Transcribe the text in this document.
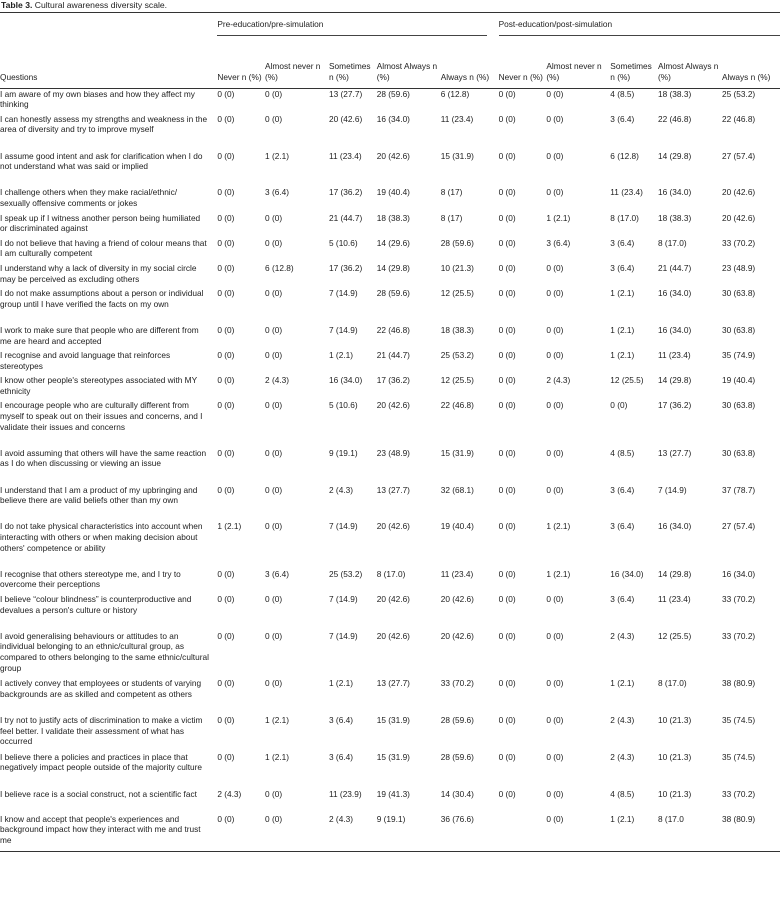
Table 3. Cultural awareness diversity scale.

	Pre-education/pre-simulation					Post-education/post-simulation				

Questions	Never n (%)	Almost never n (%)	Sometimes n (%)	Almost Always n (%)	Always n (%)	Never n (%)	Almost never n (%)	Sometimes n (%)	Almost Always n (%)	Always n (%)
I am aware of my own biases and how they affect my thinking	0 (0)	0 (0)	13 (27.7)	28 (59.6)	6 (12.8)	0 (0)	0 (0)	4 (8.5)	18 (38.3)	25 (53.2)
I can honestly assess my strengths and weakness in the area of diversity and try to improve myself	0 (0)	0 (0)	20 (42.6)	16 (34.0)	11 (23.4)	0 (0)	0 (0)	3 (6.4)	22 (46.8)	22 (46.8)
I assume good intent and ask for clarification when I do not understand what was said or implied	0 (0)	1 (2.1)	11 (23.4)	20 (42.6)	15 (31.9)	0 (0)	0 (0)	6 (12.8)	14 (29.8)	27 (57.4)
I challenge others when they make racial/ethnic/ sexually offensive comments or jokes	0 (0)	3 (6.4)	17 (36.2)	19 (40.4)	8 (17)	0 (0)	0 (0)	11 (23.4)	16 (34.0)	20 (42.6)
I speak up if I witness another person being humiliated or discriminated against	0 (0)	0 (0)	21 (44.7)	18 (38.3)	8 (17)	0 (0)	1 (2.1)	8 (17.0)	18 (38.3)	20 (42.6)
I do not believe that having a friend of colour means that I am culturally competent	0 (0)	0 (0)	5 (10.6)	14 (29.6)	28 (59.6)	0 (0)	3 (6.4)	3 (6.4)	8 (17.0)	33 (70.2)
I understand why a lack of diversity in my social circle may be perceived as excluding others	0 (0)	6 (12.8)	17 (36.2)	14 (29.8)	10 (21.3)	0 (0)	0 (0)	3 (6.4)	21 (44.7)	23 (48.9)
I do not make assumptions about a person or individual group until I have verified the facts on my own	0 (0)	0 (0)	7 (14.9)	28 (59.6)	12 (25.5)	0 (0)	0 (0)	1 (2.1)	16 (34.0)	30 (63.8)
I work to make sure that people who are different from me are heard and accepted	0 (0)	0 (0)	7 (14.9)	22 (46.8)	18 (38.3)	0 (0)	0 (0)	1 (2.1)	16 (34.0)	30 (63.8)
I recognise and avoid language that reinforces stereotypes	0 (0)	0 (0)	1 (2.1)	21 (44.7)	25 (53.2)	0 (0)	0 (0)	1 (2.1)	11 (23.4)	35 (74.9)
I know other people's stereotypes associated with MY ethnicity	0 (0)	2 (4.3)	16 (34.0)	17 (36.2)	12 (25.5)	0 (0)	2 (4.3)	12 (25.5)	14 (29.8)	19 (40.4)
I encourage people who are culturally different from myself to speak out on their issues and concerns, and I validate their issues and concerns	0 (0)	0 (0)	5 (10.6)	20 (42.6)	22 (46.8)	0 (0)	0 (0)	0 (0)	17 (36.2)	30 (63.8)
I avoid assuming that others will have the same reaction as I do when discussing or viewing an issue	0 (0)	0 (0)	9 (19.1)	23 (48.9)	15 (31.9)	0 (0)	0 (0)	4 (8.5)	13 (27.7)	30 (63.8)
I understand that I am a product of my upbringing and believe there are valid beliefs other than my own	0 (0)	0 (0)	2 (4.3)	13 (27.7)	32 (68.1)	0 (0)	0 (0)	3 (6.4)	7 (14.9)	37 (78.7)
I do not take physical characteristics into account when interacting with others or when making decision about others' competence or ability	1 (2.1)	0 (0)	7 (14.9)	20 (42.6)	19 (40.4)	0 (0)	1 (2.1)	3 (6.4)	16 (34.0)	27 (57.4)
I recognise that others stereotype me, and I try to overcome their perceptions	0 (0)	3 (6.4)	25 (53.2)	8 (17.0)	11 (23.4)	0 (0)	1 (2.1)	16 (34.0)	14 (29.8)	16 (34.0)
I believe “colour blindness” is counterproductive and devalues a person's culture or history	0 (0)	0 (0)	7 (14.9)	20 (42.6)	20 (42.6)	0 (0)	0 (0)	3 (6.4)	11 (23.4)	33 (70.2)
I avoid generalising behaviours or attitudes to an individual belonging to an ethnic/cultural group, as compared to others belonging to the same ethnic/cultural group	0 (0)	0 (0)	7 (14.9)	20 (42.6)	20 (42.6)	0 (0)	0 (0)	2 (4.3)	12 (25.5)	33 (70.2)
I actively convey that employees or students of varying backgrounds are as skilled and competent as others	0 (0)	0 (0)	1 (2.1)	13 (27.7)	33 (70.2)	0 (0)	0 (0)	1 (2.1)	8 (17.0)	38 (80.9)
I try not to justify acts of discrimination to make a victim feel better. I validate their assessment of what has occurred	0 (0)	1 (2.1)	3 (6.4)	15 (31.9)	28 (59.6)	0 (0)	0 (0)	2 (4.3)	10 (21.3)	35 (74.5)
I believe there a policies and practices in place that negatively impact people outside of the majority culture	0 (0)	1 (2.1)	3 (6.4)	15 (31.9)	28 (59.6)	0 (0)	0 (0)	2 (4.3)	10 (21.3)	35 (74.5)
I believe race is a social construct, not a scientific fact	2 (4.3)	0 (0)	11 (23.9)	19 (41.3)	14 (30.4)	0 (0)	0 (0)	4 (8.5)	10 (21.3)	33 (70.2)
I know and accept that people's experiences and background impact how they interact with me and trust me	0 (0)	0 (0)	2 (4.3)	9 (19.1)	36 (76.6)		0 (0)	1 (2.1)	8 (17.0	38 (80.9)
